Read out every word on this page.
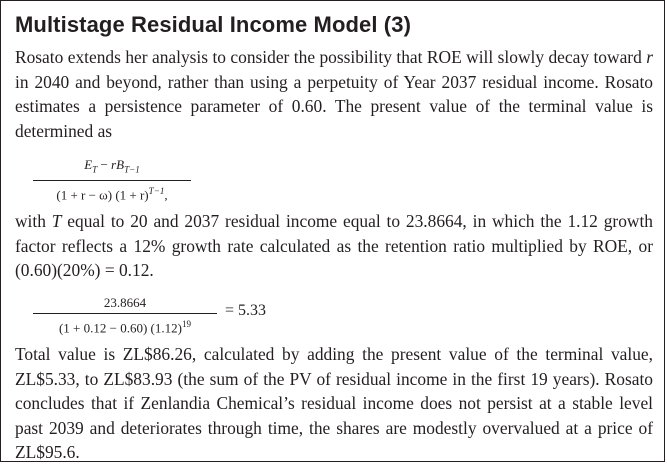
Multistage Residual Income Model (3)
Rosato extends her analysis to consider the possibility that ROE will slowly decay toward r in 2040 and beyond, rather than using a perpetuity of Year 2037 residual income. Rosato estimates a persistence parameter of 0.60. The present value of the terminal value is determined as
$E_T - rB_{T-1}$
(1 + r − ω) $(1 + r)^{T-1}$,
with T equal to 20 and 2037 residual income equal to 23.8664, in which the 1.12 growth factor reflects a 12% growth rate calculated as the retention ratio multiplied by ROE, or (0.60)(20%) = 0.12.
$\frac{23.8664}{(1 + 0.12 - 0.60) (1.12)^{19}} = 5.33$
Total value is ZL$86.26, calculated by adding the present value of the terminal value, ZL$5.33, to ZL$83.93 (the sum of the PV of residual income in the first 19 years). Rosato concludes that if Zenlandia Chemical’s residual income does not persist at a stable level past 2039 and deteriorates through time, the shares are modestly overvalued at a price of ZL$95.6.
